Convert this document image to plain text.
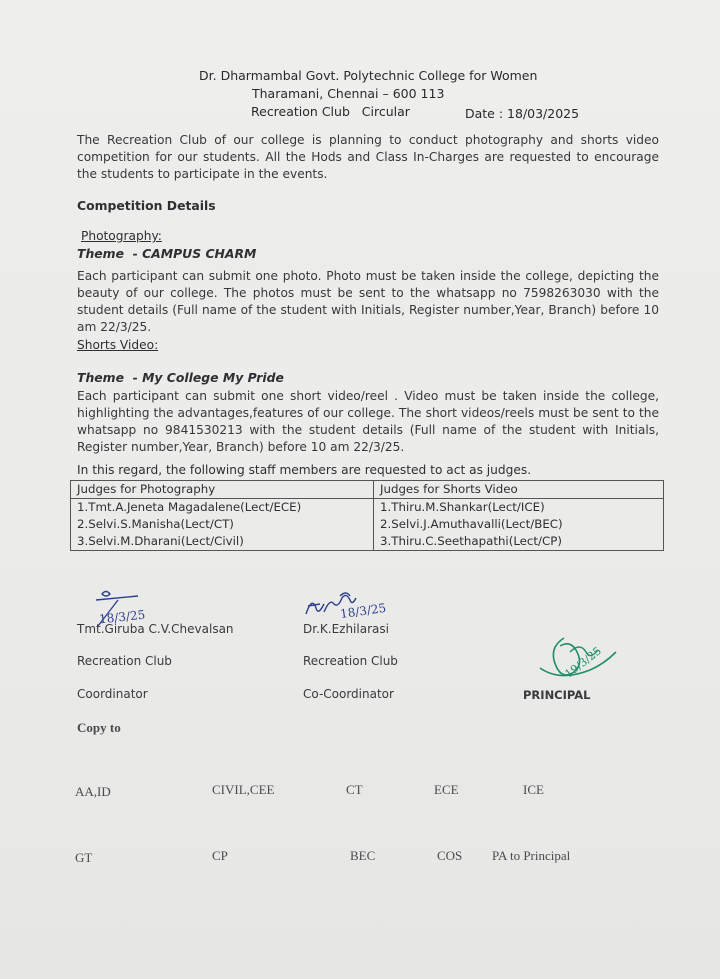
Dr. Dharmambal Govt. Polytechnic College for Women
Tharamani, Chennai – 600 113
Recreation Club   Circular	Date : 18/03/2025
The Recreation Club of our college is planning to conduct photography and shorts video
competition for our students. All the Hods and Class In-Charges are requested to encourage
the students to participate in the events.
Competition Details
Photography:
Theme  - CAMPUS CHARM
Each participant can submit one photo. Photo must be taken inside the college, depicting the
beauty of our college. The photos must be sent to the whatsapp no 7598263030 with the
student details (Full name of the student with Initials, Register number,Year, Branch) before 10
am 22/3/25.
Shorts Video:
Theme  - My College My Pride
Each participant can submit one short video/reel . Video must be taken inside the college,
highlighting the advantages,features of our college. The short videos/reels must be sent to the
whatsapp no 9841530213 with the student details (Full name of the student with Initials,
Register number,Year, Branch) before 10 am 22/3/25.
In this regard, the following staff members are requested to act as judges.
Judges for Photography	Judges for Shorts Video
1.Tmt.A.Jeneta Magadalene(Lect/ECE)	1.Thiru.M.Shankar(Lect/ICE)
2.Selvi.S.Manisha(Lect/CT)	2.Selvi.J.Amuthavalli(Lect/BEC)
3.Selvi.M.Dharani(Lect/Civil)	3.Thiru.C.Seethapathi(Lect/CP)
18/3/25
Tmt.Giruba C.V.Chevalsan
Recreation Club
Coordinator
18/3/25
Dr.K.Ezhilarasi
Recreation Club
Co-Coordinator
19/3/25
PRINCIPAL
Copy to
AA,ID	CIVIL,CEE	CT	ECE	ICE
GT	CP	BEC	COS PA to Principal
